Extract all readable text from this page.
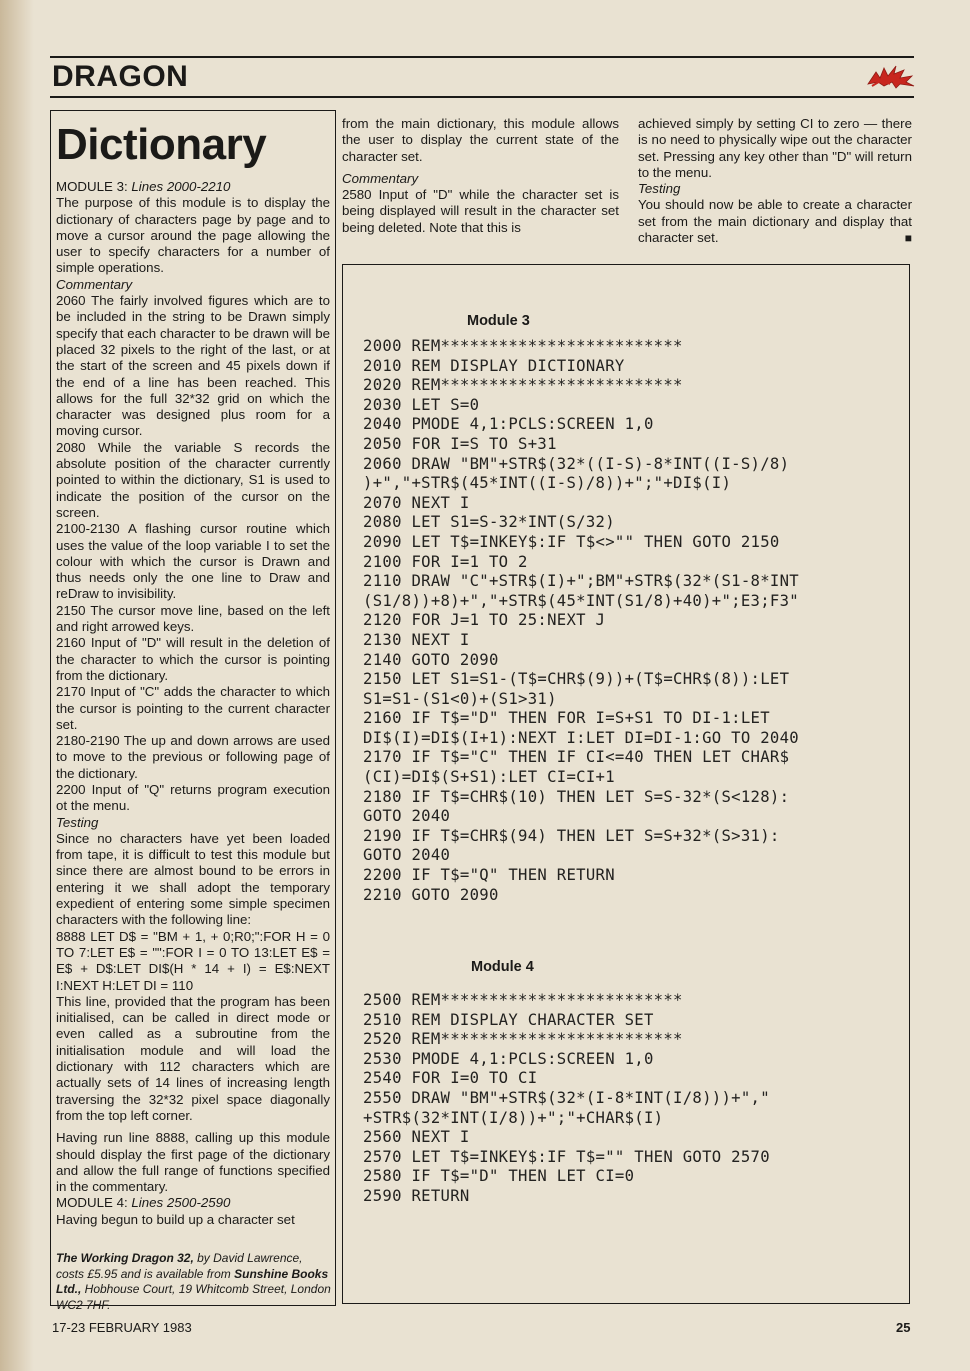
DRAGON
Dictionary

MODULE 3: Lines 2000-2210

The purpose of this module is to display the dictionary of characters page by page and to move a cursor around the page allowing the user to specify characters for a number of simple operations.

Commentary

2060 The fairly involved figures which are to be included in the string to be Drawn simply specify that each character to be drawn will be placed 32 pixels to the right of the last, or at the start of the screen and 45 pixels down if the end of a line has been reached. This allows for the full 32*32 grid on which the character was designed plus room for a moving cursor.

2080 While the variable S records the absolute position of the character currently pointed to within the dictionary, S1 is used to indicate the position of the cursor on the screen.

2100-2130 A flashing cursor routine which uses the value of the loop variable I to set the colour with which the cursor is Drawn and thus needs only the one line to Draw and reDraw to invisibility.

2150 The cursor move line, based on the left and right arrowed keys.

2160 Input of "D" will result in the deletion of the character to which the cursor is pointing from the dictionary.

2170 Input of "C" adds the character to which the cursor is pointing to the current character set.

2180-2190 The up and down arrows are used to move to the previous or following page of the dictionary.

2200 Input of "Q" returns program execution ot the menu.

Testing

Since no characters have yet been loaded from tape, it is difficult to test this module but since there are almost bound to be errors in entering it we shall adopt the temporary expedient of entering some simple specimen characters with the following line:

8888 LET D$ = "BM + 1, + 0;R0;":FOR H = 0 TO 7:LET E$ = "":FOR I = 0 TO 13:LET E$ = E$ + D$:LET DI$(H * 14 + I) = E$:NEXT I:NEXT H:LET DI = 110

This line, provided that the program has been initialised, can be called in direct mode or even called as a subroutine from the initialisation module and will load the dictionary with 112 characters which are actually sets of 14 lines of increasing length traversing the 32*32 pixel space diagonally from the top left corner.

Having run line 8888, calling up this module should display the first page of the dictionary and allow the full range of functions specified in the commentary.

MODULE 4: Lines 2500-2590

Having begun to build up a character set

The Working Dragon 32, by David Lawrence, costs £5.95 and is available from Sunshine Books Ltd., Hobhouse Court, 19 Whitcomb Street, London WC2 7HF.

from the main dictionary, this module allows the user to display the current state of the character set.

Commentary

2580 Input of "D" while the character set is being displayed will result in the character set being deleted. Note that this is

achieved simply by setting CI to zero — there is no need to physically wipe out the character set. Pressing any key other than "D" will return to the menu.

Testing

You should now be able to create a character set from the main dictionary and display that character set.	■

Module 3
2000 REM*************************
2010 REM DISPLAY DICTIONARY
2020 REM*************************
2030 LET S=0
2040 PMODE 4,1:PCLS:SCREEN 1,0
2050 FOR I=S TO S+31
2060 DRAW "BM"+STR$(32*((I-S)-8*INT((I-S)/8)
)+","+STR$(45*INT((I-S)/8))+";"+DI$(I)
2070 NEXT I
2080 LET S1=S-32*INT(S/32)
2090 LET T$=INKEY$:IF T$<>"" THEN GOTO 2150
2100 FOR I=1 TO 2
2110 DRAW "C"+STR$(I)+";BM"+STR$(32*(S1-8*INT
(S1/8))+8)+","+STR$(45*INT(S1/8)+40)+";E3;F3"
2120 FOR J=1 TO 25:NEXT J
2130 NEXT I
2140 GOTO 2090
2150 LET S1=S1-(T$=CHR$(9))+(T$=CHR$(8)):LET
S1=S1-(S1<0)+(S1>31)
2160 IF T$="D" THEN FOR I=S+S1 TO DI-1:LET
DI$(I)=DI$(I+1):NEXT I:LET DI=DI-1:GO TO 2040
2170 IF T$="C" THEN IF CI<=40 THEN LET CHAR$
(CI)=DI$(S+S1):LET CI=CI+1
2180 IF T$=CHR$(10) THEN LET S=S-32*(S<128):
GOTO 2040
2190 IF T$=CHR$(94) THEN LET S=S+32*(S>31):
GOTO 2040
2200 IF T$="Q" THEN RETURN
2210 GOTO 2090
Module 4
2500 REM*************************
2510 REM DISPLAY CHARACTER SET
2520 REM*************************
2530 PMODE 4,1:PCLS:SCREEN 1,0
2540 FOR I=0 TO CI
2550 DRAW "BM"+STR$(32*(I-8*INT(I/8)))+","
+STR$(32*INT(I/8))+";"+CHAR$(I)
2560 NEXT I
2570 LET T$=INKEY$:IF T$="" THEN GOTO 2570
2580 IF T$="D" THEN LET CI=0
2590 RETURN
17-23 FEBRUARY 1983	25
